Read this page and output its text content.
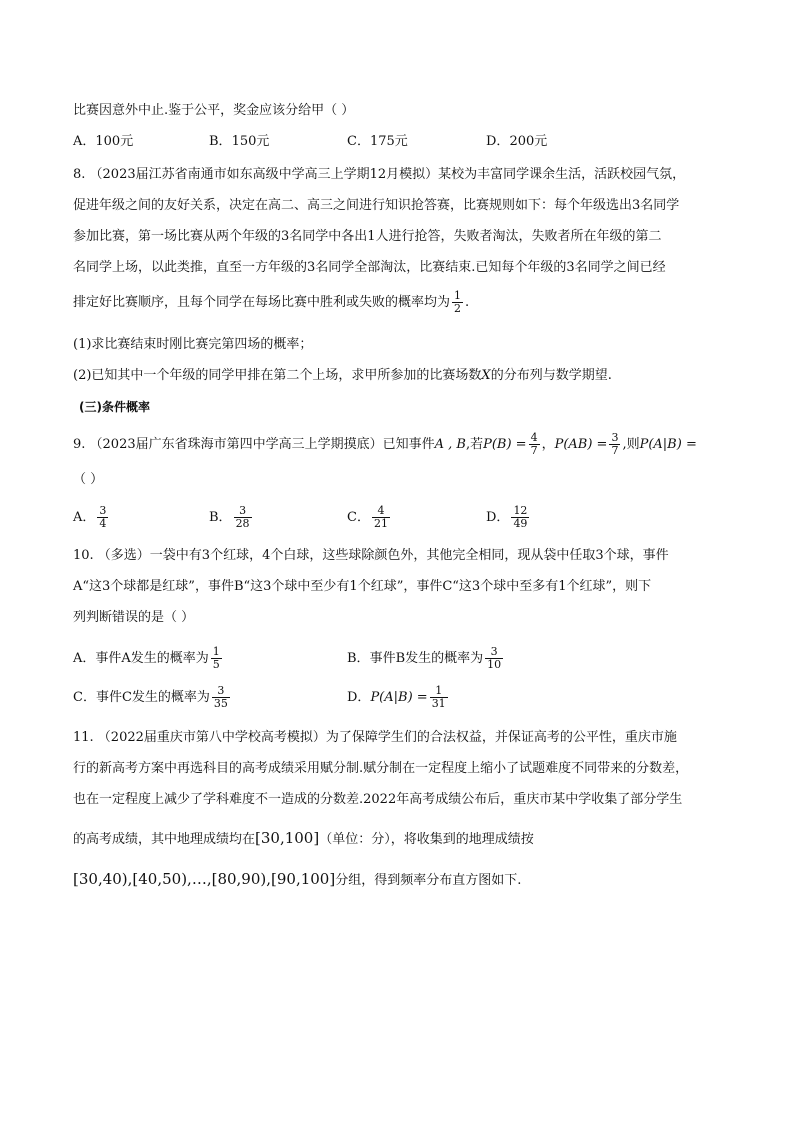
比赛因意外中止.鉴于公平，奖金应该分给甲（ ）
A．100元	B．150元	C．175元	D．200元
8. （2023届江苏省南通市如东高级中学高三上学期12月模拟）某校为丰富同学课余生活，活跃校园气氛，
促进年级之间的友好关系，决定在高二、高三之间进行知识抢答赛，比赛规则如下：每个年级选出3名同学
参加比赛，第一场比赛从两个年级的3名同学中各出1人进行抢答，失败者淘汰，失败者所在年级的第二
名同学上场，以此类推，直至一方年级的3名同学全部淘汰，比赛结束.已知每个年级的3名同学之间已经
排定好比赛顺序，且每个同学在每场比赛中胜利或失败的概率均为 $\frac{1}{2}$ .
(1)求比赛结束时刚比赛完第四场的概率；
(2)已知其中一个年级的同学甲排在第二个上场，求甲所参加的比赛场数X的分布列与数学期望.
(三)条件概率
9. （2023届广东省珠海市第四中学高三上学期摸底）已知事件A , B,若$P(B) = \frac{4}{7}$ ，$P(AB) = \frac{3}{7}$ ,则P(A|B) =
（ ）
A． $\frac{3}{4}$	B． $\frac{3}{28}$	C． $\frac{4}{21}$	D． $\frac{12}{49}$
10. （多选）一袋中有3个红球，4个白球，这些球除颜色外，其他完全相同，现从袋中任取3个球，事件
A“这3个球都是红球”，事件B“这3个球中至少有1个红球”，事件C“这3个球中至多有1个红球”，则下
列判断错误的是（ ）
A．事件A发生的概率为 $\frac{1}{5}$	B．事件B发生的概率为 $\frac{3}{10}$
C．事件C发生的概率为 $\frac{3}{35}$	D．$P(A|B) = \frac{1}{31}$
11. （2022届重庆市第八中学校高考模拟）为了保障学生们的合法权益，并保证高考的公平性，重庆市施
行的新高考方案中再选科目的高考成绩采用赋分制.赋分制在一定程度上缩小了试题难度不同带来的分数差，
也在一定程度上减少了学科难度不一造成的分数差.2022年高考成绩公布后，重庆市某中学收集了部分学生
的高考成绩，其中地理成绩均在[30,100]（单位：分），将收集到的地理成绩按
[30,40),[40,50),…,[80,90),[90,100]分组，得到频率分布直方图如下.
